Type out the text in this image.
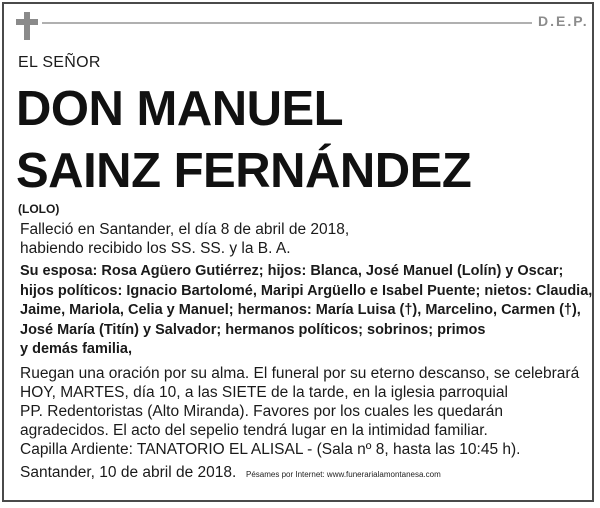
D.E.P.
EL SEÑOR
DON MANUEL
SAINZ FERNÁNDEZ
(LOLO)
Falleció en Santander, el día 8 de abril de 2018,
habiendo recibido los SS. SS. y la B. A.
Su esposa: Rosa Agüero Gutiérrez; hijos: Blanca, José Manuel (Lolín) y Oscar;
hijos políticos: Ignacio Bartolomé, Maripi Argüello e Isabel Puente; nietos: Claudia,
Jaime, Mariola, Celia y Manuel; hermanos: María Luisa (†), Marcelino, Carmen (†),
José María (Titín) y Salvador; hermanos políticos; sobrinos; primos
y demás familia,
Ruegan una oración por su alma. El funeral por su eterno descanso, se celebrará
HOY, MARTES, día 10, a las SIETE de la tarde, en la iglesia parroquial
PP. Redentoristas (Alto Miranda). Favores por los cuales les quedarán
agradecidos. El acto del sepelio tendrá lugar en la intimidad familiar.
Capilla Ardiente: TANATORIO EL ALISAL - (Sala nº 8, hasta las 10:45 h).
Santander, 10 de abril de 2018. Pésames por Internet: www.funerarialamontanesa.com
